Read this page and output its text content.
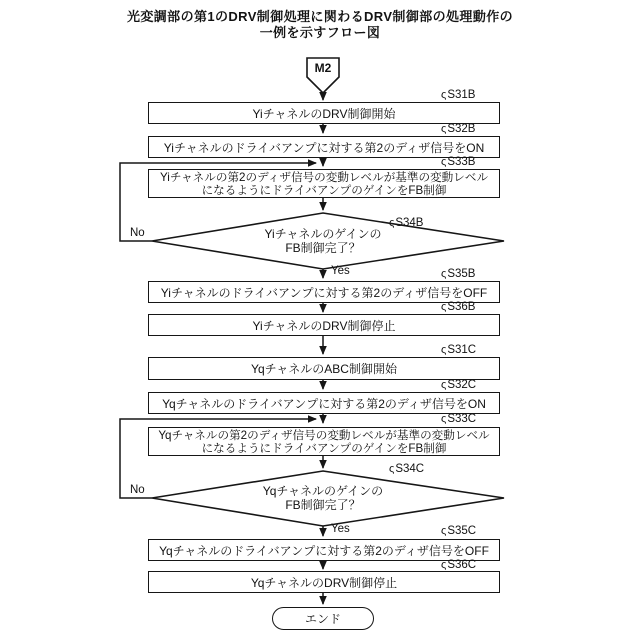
光変調部の第1のDRV制御処理に関わるDRV制御部の処理動作の
一例を示すフロー図
M2
YiチャネルのDRV制御開始
Yiチャネルのドライバアンプに対する第2のディザ信号をON
Yiチャネルの第2のディザ信号の変動レベルが基準の変動レベル
になるようにドライバアンプのゲインをFB制御
Yiチャネルのドライバアンプに対する第2のディザ信号をOFF
YiチャネルのDRV制御停止
YqチャネルのABC制御開始
Yqチャネルのドライバアンプに対する第2のディザ信号をON
Yqチャネルの第2のディザ信号の変動レベルが基準の変動レベル
になるようにドライバアンプのゲインをFB制御
Yqチャネルのドライバアンプに対する第2のディザ信号をOFF
YqチャネルのDRV制御停止
Yiチャネルのゲインの
FB制御完了？
Yqチャネルのゲインの
FB制御完了？
ςS31B
ςS32B
ςS33B
ςS34B
ςS35B
ςS36B
ςS31C
ςS32C
ςS33C
ςS34C
ςS35C
ςS36C
No
Yes
No
Yes
エンド
